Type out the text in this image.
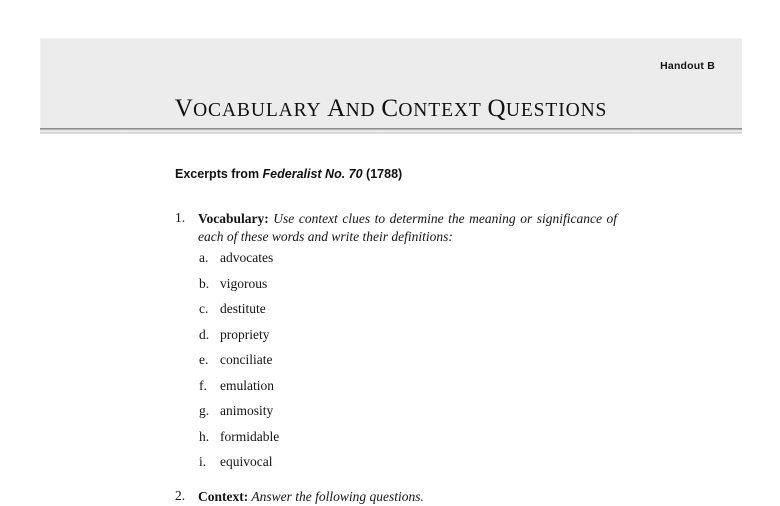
Handout B
VOCABULARY AND CONTEXT QUESTIONS
Excerpts from Federalist No. 70 (1788)
1. Vocabulary: Use context clues to determine the meaning or significance of each of these words and write their definitions:
a. advocates
b. vigorous
c. destitute
d. propriety
e. conciliate
f. emulation
g. animosity
h. formidable
i.	equivocal
2. Context: Answer the following questions.
